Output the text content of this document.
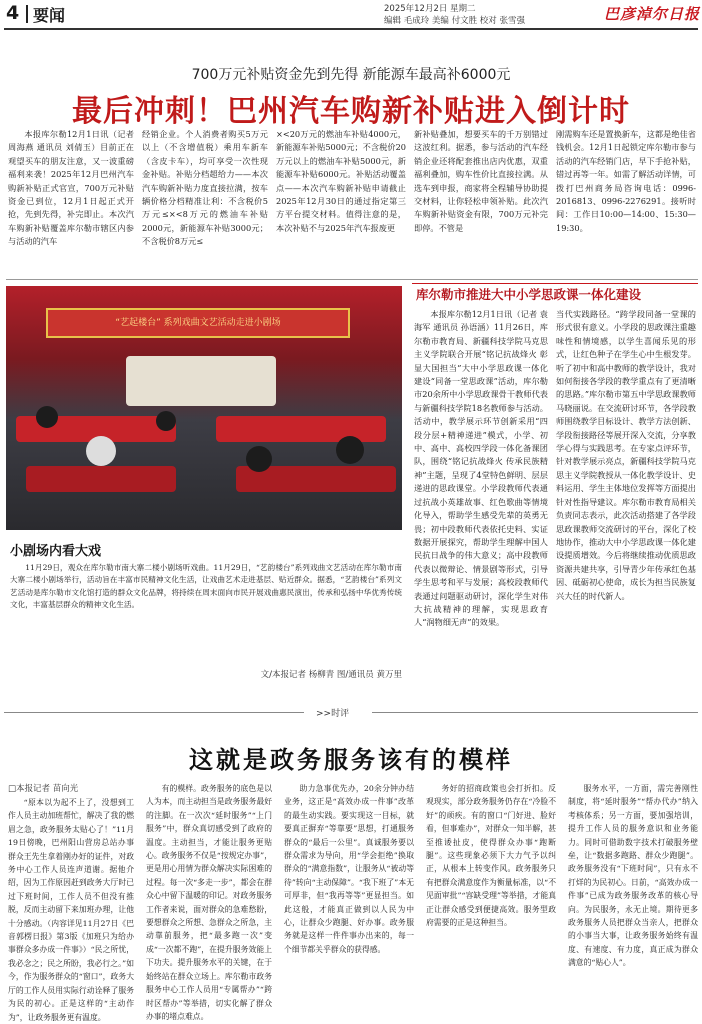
4 要闻	2025年12月2日 星期二
编辑 毛成玲 美编 付文胜 校对 张雪强	巴彦淖尔日报
700万元补贴资金先到先得 新能源车最高补6000元
最后冲刺！巴州汽车购新补贴进入倒计时

本报库尔勒12月1日讯（记者 周海燕 通讯员 刘倩玉）目前正在观望买车的朋友注意，又一波重磅福利来袭！2025年12月巴州汽车购新补贴正式官宣，700万元补贴资金已到位，12月1日起正式开抢，先到先得，补完即止。本次汽车购新补贴覆盖库尔勒市辖区内参与活动的汽车

经销企业。个人消费者购买5万元以上（不含增值税）乘用车新车（含皮卡车），均可享受一次性现金补贴。补贴分档超给力——本次汽车购新补贴力度直接拉满，按车辆价格分档精准让利：不含税价5万元≤×<8万元的燃油车补贴2000元，新能源车补贴3000元；不含税价8万元≤

×<20万元的燃油车补贴4000元，新能源车补贴5000元；不含税价20万元以上的燃油车补贴5000元，新能源车补贴6000元。补贴活动覆盖点——本次汽车购新补贴申请截止2025年12月30日的通过指定第三方平台提交材料。值得注意的是，本次补贴不与2025年汽车报废更

新补贴叠加，想要买车的千万别错过这波红利。据悉，参与活动的汽车经销企业还将配套推出店内优惠，双重福利叠加，购车性价比直接拉满。从选车到申报，商家将全程辅导协助提交材料，让你轻松申领补贴。此次汽车购新补贴资金有限，700万元补完即停。不管是

刚需购车还是置换新车，这都是绝佳省钱机会。12月1日起锁定库尔勒市参与活动的汽车经销门店，早下手抢补贴，错过再等一年。如需了解活动详情，可拨打巴州商务局咨询电话：0996-2016813、0996-2276291。接听时间：工作日10:00—14:00、15:30—19:30。

“艺起楼台” 系列戏曲文艺活动走进小剧场
小剧场内看大戏

11月29日，观众在库尔勒市南大寨二楼小剧场听戏曲。11月29日，“艺韵楼台”系列戏曲文艺活动在库尔勒市南大寨二楼小剧场举行，活动旨在丰富市民精神文化生活，让戏曲艺术走进基层、贴近群众。据悉，“艺韵楼台”系列文艺活动是库尔勒市文化馆打造的群众文化品牌，将持续在周末面向市民开展戏曲惠民演出，传承和弘扬中华优秀传统文化，丰富基层群众的精神文化生活。

文/本报记者 杨柳青 图/通讯员 黄万里
库尔勒市推进大中小学思政课一体化建设

本报库尔勒12月1日讯（记者 袁海军 通讯员 孙语涵）11月26日，库尔勒市教育局、新疆科技学院马克思主义学院联合开展“铭记抗战烽火 彰显大国担当”大中小学思政课一体化建设“同备一堂思政课”活动，库尔勒市20余所中小学思政课骨干教师代表与新疆科技学院18名教师参与活动。活动中，教学展示环节创新采用“四段分层+精神递进”模式，小学、初中、高中、高校四学段一体化备课团队，围绕“铭记抗战烽火 传承民族精神”主题，呈现了4堂特色鲜明、层层递进的思政课堂。小学段教师代表通过抗战小英雄故事、红色歌曲等情境化导入，帮助学生感受先辈的英勇无畏；初中段教师代表依托史料、实证数据开展探究，帮助学生理解中国人民抗日战争的伟大意义；高中段教师代表以微辩论、情景剧等形式，引导学生思考和平与发展；高校段教师代表通过问题驱动研讨，深化学生对伟大抗战精神的理解，实现思政育人“润物细无声”的效果。

当代实践路径。“跨学段同备一堂课的形式很有意义。小学段的思政课注重趣味性和情境感，以学生喜闻乐见的形式，让红色种子在学生心中生根发芽。听了初中和高中教师的教学设计，我对如何衔接各学段的教学重点有了更清晰的思路。”库尔勒市第五中学思政课教师马晓丽说。在交流研讨环节，各学段教师围绕教学目标设计、教学方法创新、学段衔接路径等展开深入交流，分享教学心得与实践思考。在专家点评环节，针对教学展示亮点，新疆科技学院马克思主义学院教授从一体化教学设计、史料运用、学生主体地位发挥等方面提出针对性指导建议。库尔勒市教育局相关负责同志表示，此次活动搭建了各学段思政课教师交流研讨的平台，深化了校地协作，推动大中小学思政课一体化建设提质增效。今后将继续推动优质思政资源共建共享，引导青少年传承红色基因、砥砺初心使命，成长为担当民族复兴大任的时代新人。

>>时评
这就是政务服务该有的模样
□本报记者 苗向光

“原本以为起不上了，没想到工作人员主动加班帮忙，解决了我的燃眉之急，政务服务太贴心了！”11月19日傍晚，巴州阳山营房总站办事群众王先生拿着刚办好的证件，对政务中心工作人员连声道谢。据他介绍，因为工作原因赶到政务大厅时已过下班时间，工作人员不但没有推脱，反而主动留下来加班办理，让他十分感动。（内容详见11月27日《巴音郭楞日报》第3版《加班只为给办事群众多办成一件事》）“民之所忧，我必念之；民之所盼，我必行之。”如今，作为服务群众的“窗口”，政务大厅的工作人员用实际行动诠释了服务为民的初心。正是这样的“主动作为”，让政务服务更有温度。

有的模样。政务服务的底色是以人为本，而主动担当是政务服务最好的注脚。在一次次“延时服务”“上门服务”中，群众真切感受到了政府的温度。主动担当，才能让服务更贴心。政务服务不仅是“按规定办事”，更是用心用情为群众解决实际困难的过程。每一次“多走一步”，都会在群众心中留下温暖的印记。对政务服务工作者来说，面对群众的急难愁盼，要想群众之所想、急群众之所急，主动靠前服务，把“最多跑一次”变成“一次都不跑”，在提升服务效能上下功夫。提升服务水平的关键，在于始终站在群众立场上。库尔勒市政务服务中心工作人员用“专属帮办”“跨时区帮办”等举措，切实化解了群众办事的堵点难点。

助力急事优先办，20余分钟办结业务，这正是“高效办成一件事”改革的最生动实践。要实现这一目标，就要真正摒弃“等靠要”思想，打通服务群众的“最后一公里”。真诚服务要以群众需求为导向，用“学会拒绝”换取群众的“满意指数”，让服务从“被动等待”转向“主动保障”。“我下班了”本无可厚非，但“我再等等”更显担当。如此这般，才能真正做到以人民为中心，让群众少跑腿、好办事。政务服务就是这样一件件事办出来的，每一个细节都关乎群众的获得感。

务好的招商政策也会打折扣。反观现实，部分政务服务仍存在“冷脸不好”的顽疾。有的窗口“门好进、脸好看，但事难办”，对群众一知半解，甚至推诿扯皮，使得群众办事“跑断腿”。这些现象必须下大力气予以纠正，从根本上转变作风。政务服务只有把群众满意度作为衡量标准，以“不见面审批”“容缺受理”等举措，才能真正让群众感受到便捷高效。服务型政府需要的正是这种担当。

服务水平，一方面，需完善刚性制度，将“延时服务”“帮办代办”纳入考核体系；另一方面，要加强培训，提升工作人员的服务意识和业务能力。同时可借助数字技术打破服务壁垒，让“数据多跑路、群众少跑腿”。政务服务没有“下班时间”，只有永不打烊的为民初心。日前，“高效办成一件事”已成为政务服务改革的核心导向。为民服务，永无止境。期待更多政务服务人员把群众当亲人，把群众的小事当大事，让政务服务始终有温度、有速度、有力度，真正成为群众满意的“贴心人”。
